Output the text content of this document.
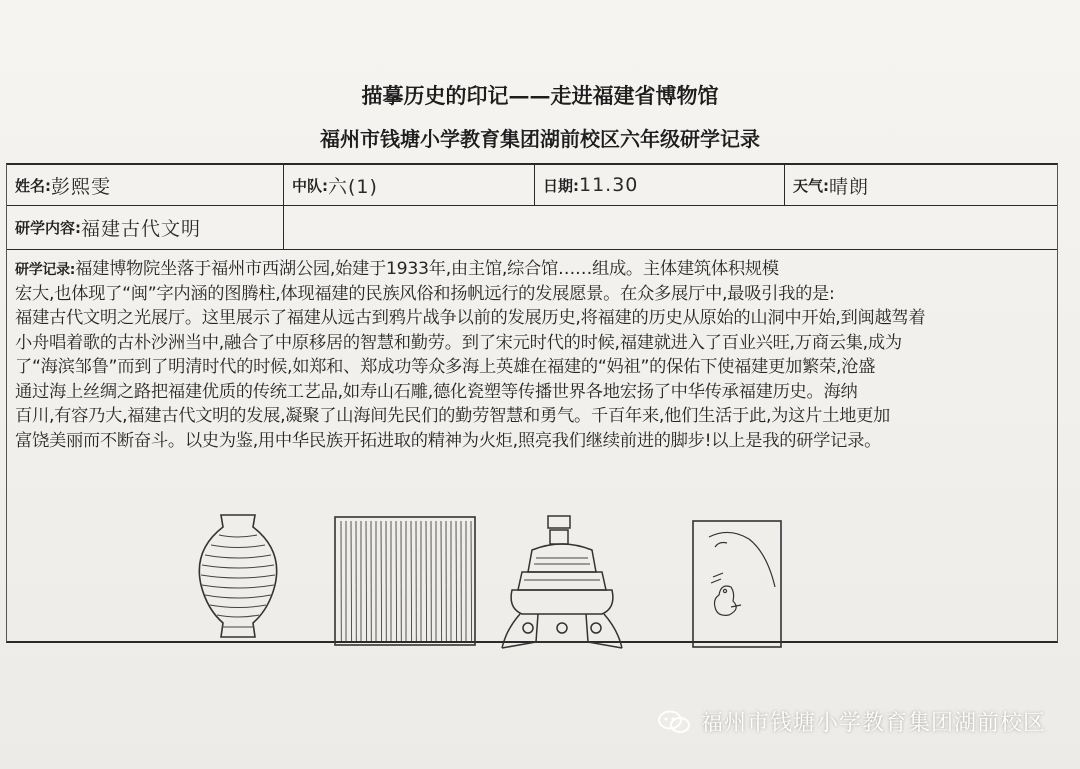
描摹历史的印记——走进福建省博物馆
福州市钱塘小学教育集团湖前校区六年级研学记录
姓名: 彭熙雯	中队: 六(1)	日期: 11.30	天气: 晴朗
研学内容: 福建古代文明
研学记录:福建博物院坐落于福州市西湖公园,始建于1933年,由主馆,综合馆……组成。主体建筑体积规模
宏大,也体现了“闽”字内涵的图腾柱,体现福建的民族风俗和扬帆远行的发展愿景。在众多展厅中,最吸引我的是:
福建古代文明之光展厅。这里展示了福建从远古到鸦片战争以前的发展历史,将福建的历史从原始的山洞中开始,到闽越驾着
小舟唱着歌的古朴沙洲当中,融合了中原移居的智慧和勤劳。到了宋元时代的时候,福建就进入了百业兴旺,万商云集,成为
了“海滨邹鲁”而到了明清时代的时候,如郑和、郑成功等众多海上英雄在福建的“妈祖”的保佑下使福建更加繁荣,沧盛
通过海上丝绸之路把福建优质的传统工艺品,如寿山石雕,德化瓷塑等传播世界各地宏扬了中华传承福建历史。海纳
百川,有容乃大,福建古代文明的发展,凝聚了山海间先民们的勤劳智慧和勇气。千百年来,他们生活于此,为这片土地更加
富饶美丽而不断奋斗。以史为鉴,用中华民族开拓进取的精神为火炬,照亮我们继续前进的脚步!以上是我的研学记录。
福州市钱塘小学教育集团湖前校区
